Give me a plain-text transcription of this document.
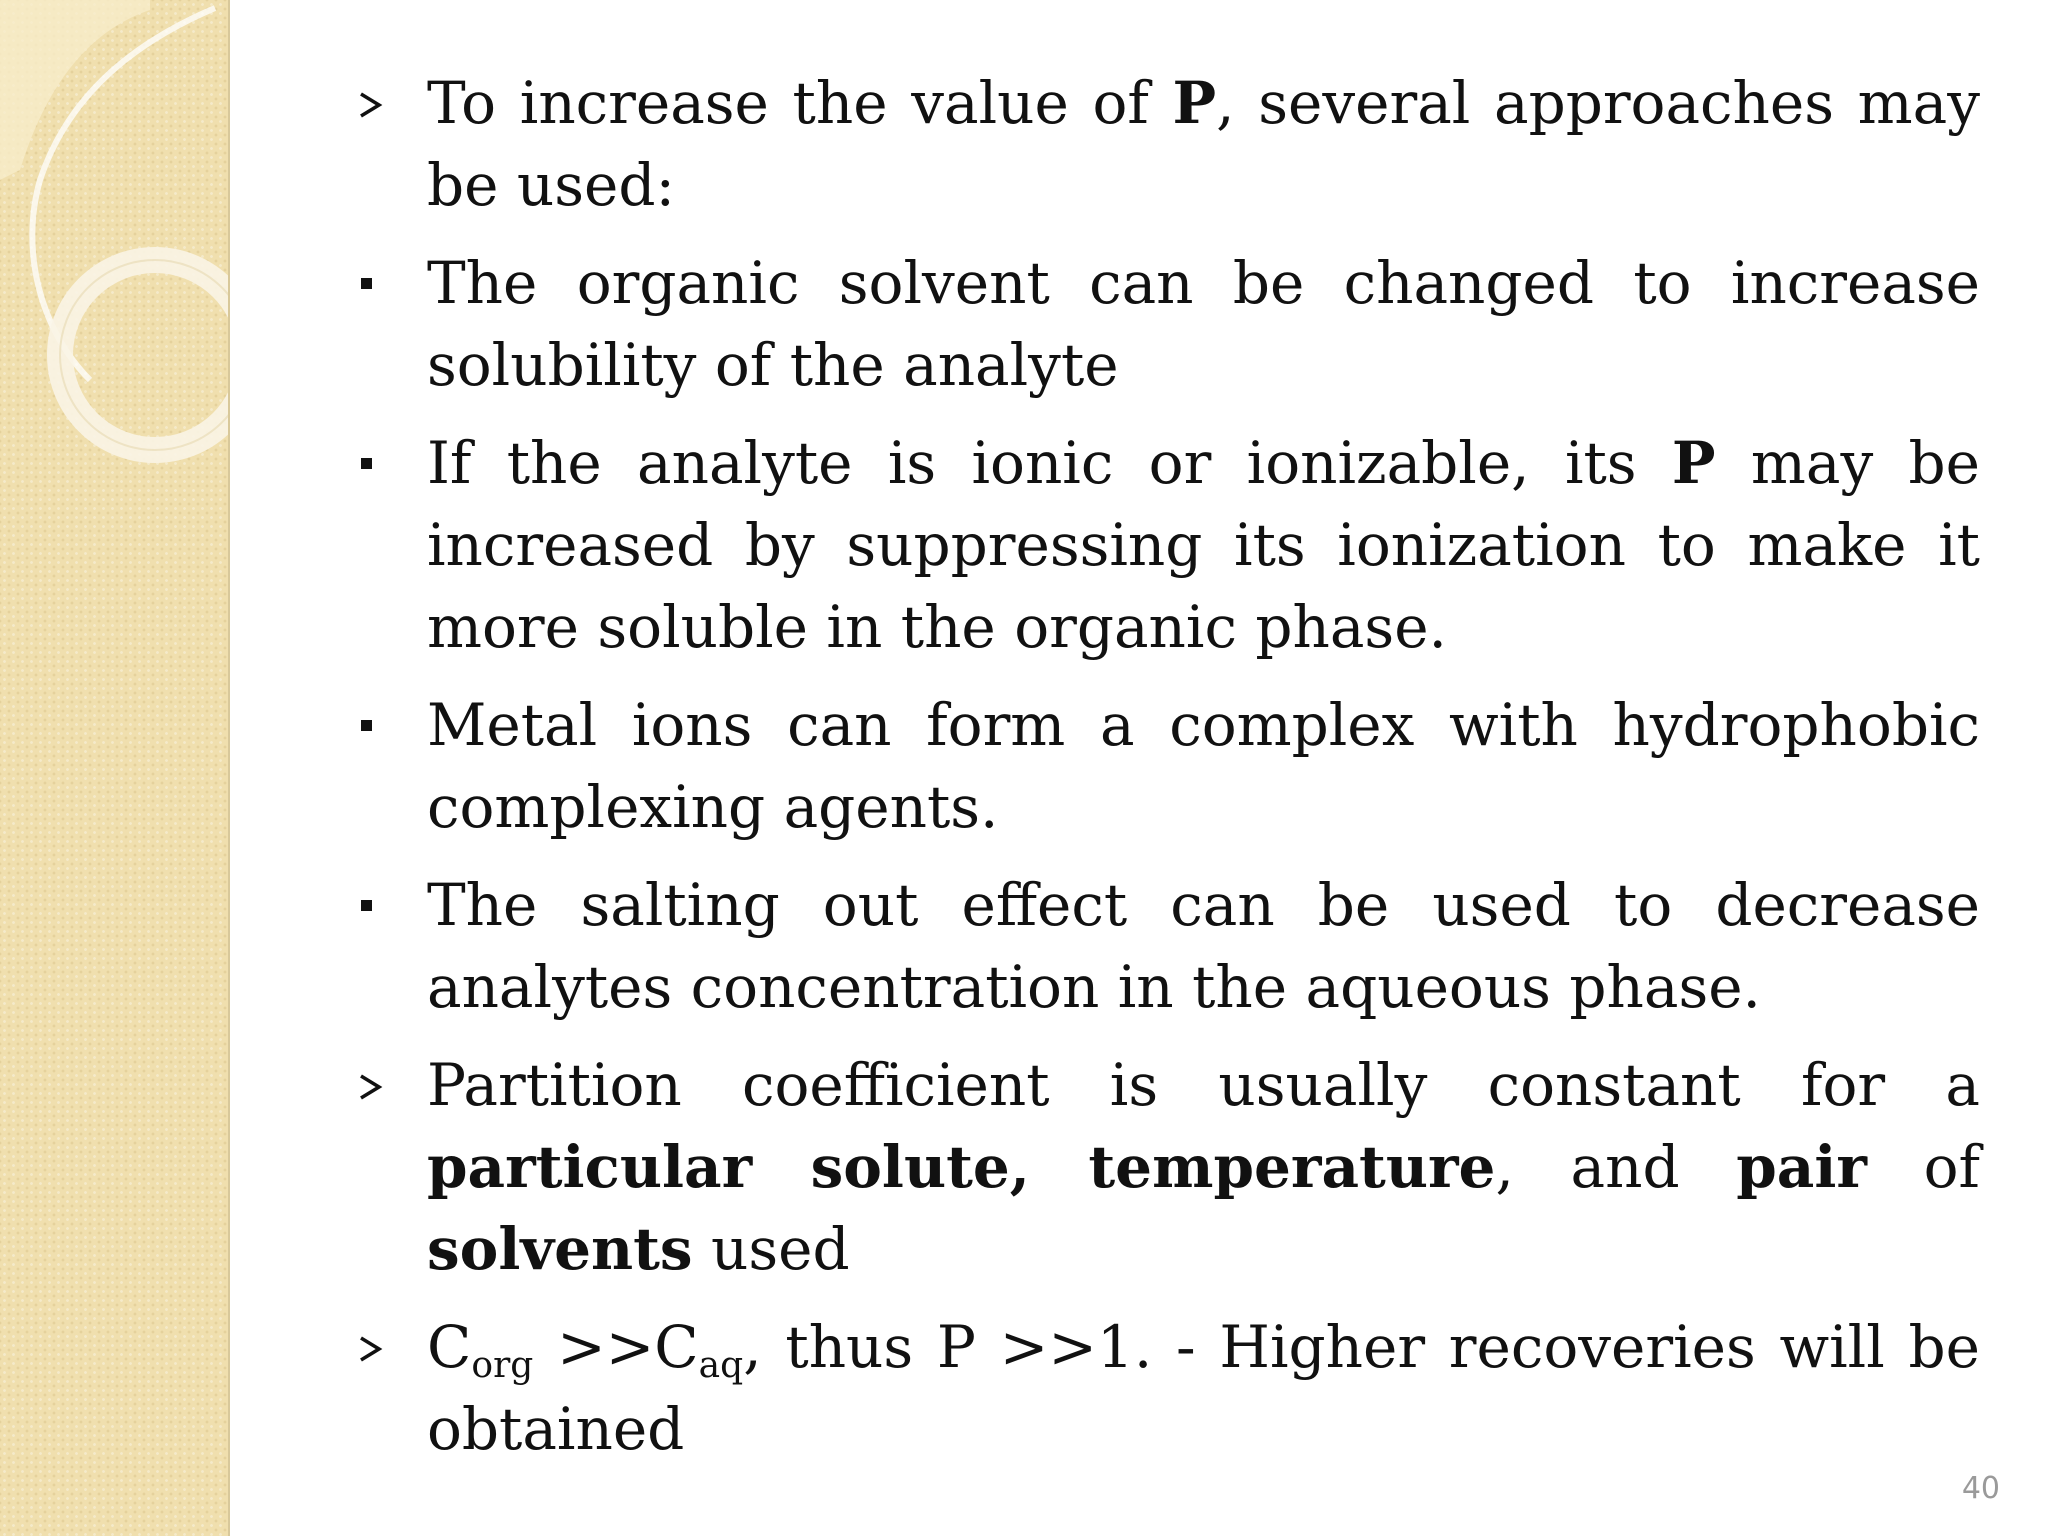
To increase the value of P, several approaches may be used:
The organic solvent can be changed to increase solubility of the analyte
If the analyte is ionic or ionizable, its P may be increased by suppressing its ionization to make it more soluble in the organic phase.
Metal ions can form a complex with hydrophobic complexing agents.
The salting out effect can be used to decrease analytes concentration in the aqueous phase.
Partition coefficient is usually constant for a particular solute, temperature, and pair of solvents used
$C_{org} >>C_{aq}$, thus P >>1. - Higher recoveries will be obtained
40
